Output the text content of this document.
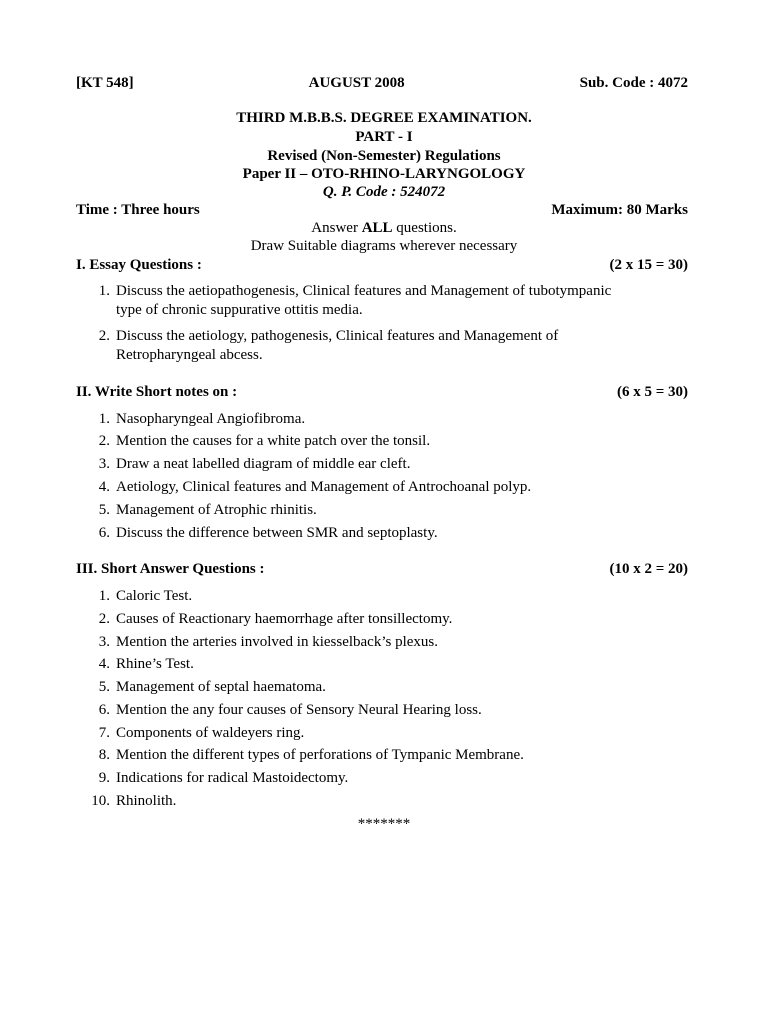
[KT 548]	AUGUST 2008	Sub. Code : 4072
THIRD M.B.B.S. DEGREE EXAMINATION.
PART - I
Revised (Non-Semester) Regulations
Paper II – OTO-RHINO-LARYNGOLOGY
Q. P. Code : 524072
Time : Three hours	Maximum: 80 Marks
Answer ALL questions.
Draw Suitable diagrams wherever necessary
I. Essay Questions :	(2 x 15 = 30)
1. Discuss the aetiopathogenesis, Clinical features and Management of tubotympanic
type of chronic suppurative ottitis media.
2. Discuss the aetiology, pathogenesis, Clinical features and Management of
Retropharyngeal abcess.
II. Write Short notes on :	(6 x 5 = 30)
1. Nasopharyngeal Angiofibroma.
2. Mention the causes for a white patch over the tonsil.
3. Draw a neat labelled diagram of middle ear cleft.
4. Aetiology, Clinical features and Management of Antrochoanal polyp.
5. Management of Atrophic rhinitis.
6. Discuss the difference between SMR and septoplasty.
III. Short Answer Questions :	(10 x 2 = 20)
1. Caloric Test.
2. Causes of Reactionary haemorrhage after tonsillectomy.
3. Mention the arteries involved in kiesselback’s plexus.
4. Rhine’s Test.
5. Management of septal haematoma.
6. Mention the any four causes of Sensory Neural Hearing loss.
7. Components of waldeyers ring.
8. Mention the different types of perforations of Tympanic Membrane.
9. Indications for radical Mastoidectomy.
10. Rhinolith.
*******
